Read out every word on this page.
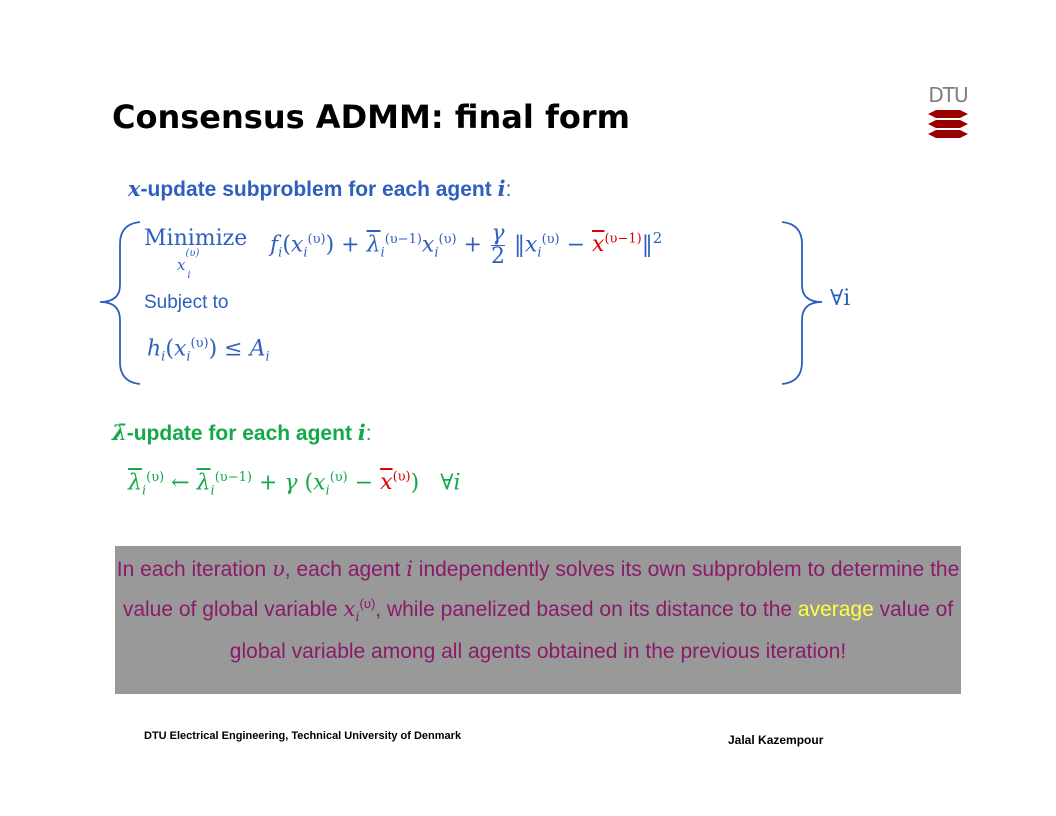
Consensus ADMM: final form
DTU
x-update subproblem for each agent i:
Minimize
$x^{(\upsilon)}_i$
$f_i(x_i^{(\upsilon)}) + \overline{\lambda}_i^{(\upsilon-1)}x_i^{(\upsilon)} + \frac{\gamma}{2}$ $‖x_i^{(\upsilon)}$ − $\overline{x}^{(\upsilon-1)}‖^2$
Subject to
$h_i(x_i^{(\upsilon)}) \le A_i$
∀i
λ̄-update for each agent i:
$\overline{\lambda}_i^{(\upsilon)}$ ← $\overline{\lambda}_i^{(\upsilon-1)} + \gamma$ $(x_i^{(\upsilon)} - \overline{x}^{(\upsilon)})$   ∀i
In each iteration υ, each agent i independently solves its own subproblem to determine the value of global variable $x_i^{(\upsilon)}$, while panelized based on its distance to the average value of global variable among all agents obtained in the previous iteration!
DTU Electrical Engineering, Technical University of Denmark	Jalal Kazempour
